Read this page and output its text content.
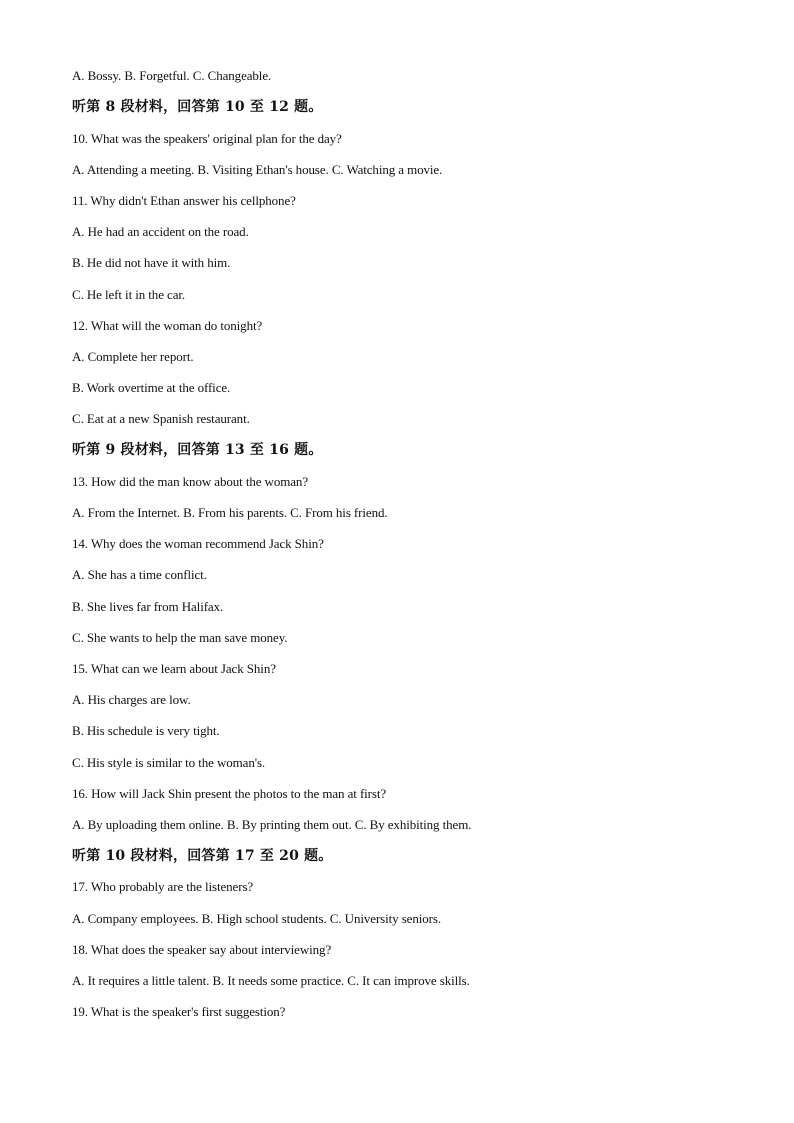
A. Bossy. B. Forgetful. C. Changeable.
听第 8 段材料，回答第 10 至 12 题。
10. What was the speakers' original plan for the day?
A. Attending a meeting. B. Visiting Ethan's house. C. Watching a movie.
11. Why didn't Ethan answer his cellphone?
A. He had an accident on the road.
B. He did not have it with him.
C. He left it in the car.
12. What will the woman do tonight?
A. Complete her report.
B. Work overtime at the office.
C. Eat at a new Spanish restaurant.
听第 9 段材料，回答第 13 至 16 题。
13. How did the man know about the woman?
A. From the Internet. B. From his parents. C. From his friend.
14. Why does the woman recommend Jack Shin?
A. She has a time conflict.
B. She lives far from Halifax.
C. She wants to help the man save money.
15. What can we learn about Jack Shin?
A. His charges are low.
B. His schedule is very tight.
C. His style is similar to the woman's.
16. How will Jack Shin present the photos to the man at first?
A. By uploading them online. B. By printing them out. C. By exhibiting them.
听第 10 段材料，回答第 17 至 20 题。
17. Who probably are the listeners?
A. Company employees. B. High school students. C. University seniors.
18. What does the speaker say about interviewing?
A. It requires a little talent. B. It needs some practice. C. It can improve skills.
19. What is the speaker's first suggestion?
